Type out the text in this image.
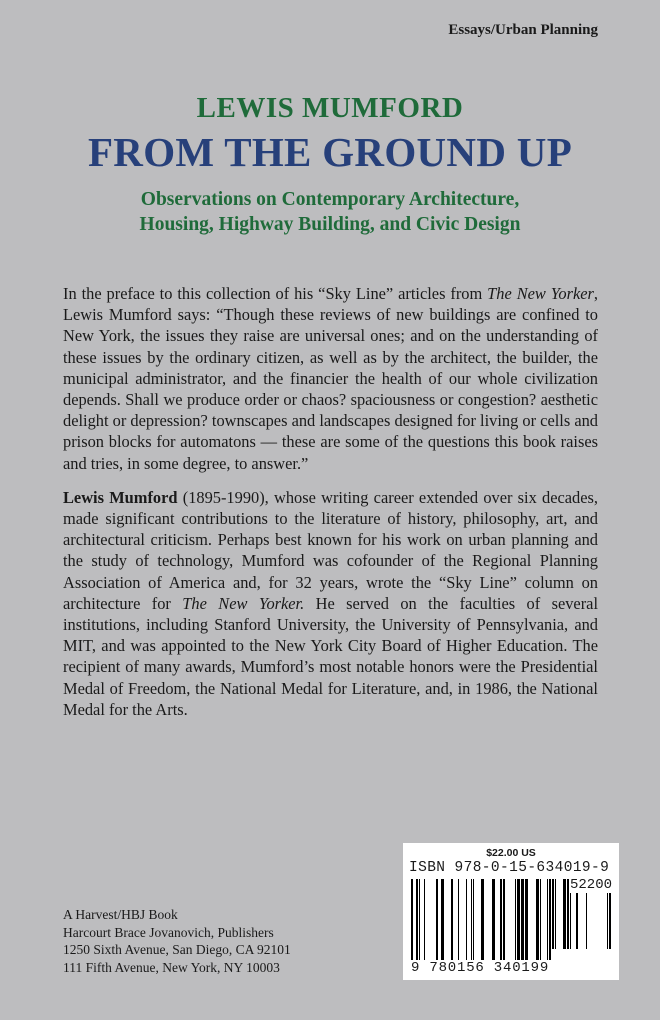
Essays/Urban Planning
LEWIS MUMFORD
FROM THE GROUND UP
Observations on Contemporary Architecture,
Housing, Highway Building, and Civic Design

In the preface to this collection of his “Sky Line” articles from The New Yorker, Lewis Mumford says: “Though these reviews of new buildings are confined to New York, the issues they raise are universal ones; and on the understanding of these issues by the ordinary citizen, as well as by the architect, the builder, the municipal administrator, and the financier the health of our whole civilization depends. Shall we produce order or chaos? spaciousness or congestion? aesthetic delight or depression? townscapes and landscapes designed for living or cells and prison blocks for automatons — these are some of the questions this book raises and tries, in some degree, to answer.”

Lewis Mumford (1895-1990), whose writing career extended over six decades, made significant contributions to the literature of history, philosophy, art, and architectural criticism. Perhaps best known for his work on urban planning and the study of technology, Mumford was cofounder of the Regional Planning Association of America and, for 32 years, wrote the “Sky Line” column on architecture for The New Yorker. He served on the faculties of several institutions, including Stanford University, the University of Pennsylvania, and MIT, and was appointed to the New York City Board of Higher Education. The recipient of many awards, Mumford’s most notable honors were the Presidential Medal of Freedom, the National Medal for Literature, and, in 1986, the National Medal for the Arts.

A Harvest/HBJ Book
Harcourt Brace Jovanovich, Publishers
1250 Sixth Avenue, San Diego, CA 92101
111 Fifth Avenue, New York, NY 10003
$22.00 US
ISBN 978-0-15-634019-9
52200
9 780156 340199
